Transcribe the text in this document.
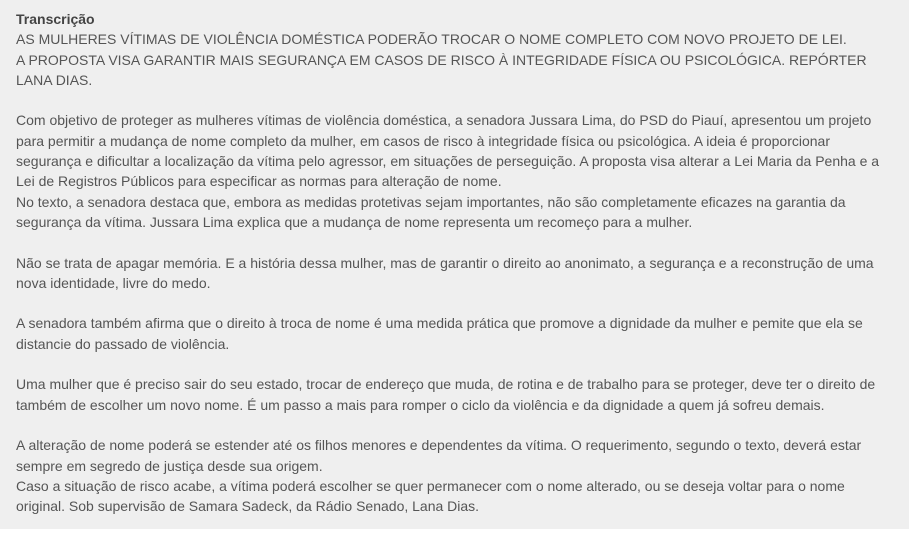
Transcrição
AS MULHERES VÍTIMAS DE VIOLÊNCIA DOMÉSTICA PODERÃO TROCAR O NOME COMPLETO COM NOVO PROJETO DE LEI.
A PROPOSTA VISA GARANTIR MAIS SEGURANÇA EM CASOS DE RISCO À INTEGRIDADE FÍSICA OU PSICOLÓGICA. REPÓRTER
LANA DIAS.
Com objetivo de proteger as mulheres vítimas de violência doméstica, a senadora Jussara Lima, do PSD do Piauí, apresentou um projeto
para permitir a mudança de nome completo da mulher, em casos de risco à integridade física ou psicológica. A ideia é proporcionar
segurança e dificultar a localização da vítima pelo agressor, em situações de perseguição. A proposta visa alterar a Lei Maria da Penha e a
Lei de Registros Públicos para especificar as normas para alteração de nome.
No texto, a senadora destaca que, embora as medidas protetivas sejam importantes, não são completamente eficazes na garantia da
segurança da vítima. Jussara Lima explica que a mudança de nome representa um recomeço para a mulher.
Não se trata de apagar memória. E a história dessa mulher, mas de garantir o direito ao anonimato, a segurança e a reconstrução de uma
nova identidade, livre do medo.
A senadora também afirma que o direito à troca de nome é uma medida prática que promove a dignidade da mulher e pemite que ela se
distancie do passado de violência.
Uma mulher que é preciso sair do seu estado, trocar de endereço que muda, de rotina e de trabalho para se proteger, deve ter o direito de
também de escolher um novo nome. É um passo a mais para romper o ciclo da violência e da dignidade a quem já sofreu demais.
A alteração de nome poderá se estender até os filhos menores e dependentes da vítima. O requerimento, segundo o texto, deverá estar
sempre em segredo de justiça desde sua origem.
Caso a situação de risco acabe, a vítima poderá escolher se quer permanecer com o nome alterado, ou se deseja voltar para o nome
original. Sob supervisão de Samara Sadeck, da Rádio Senado, Lana Dias.
